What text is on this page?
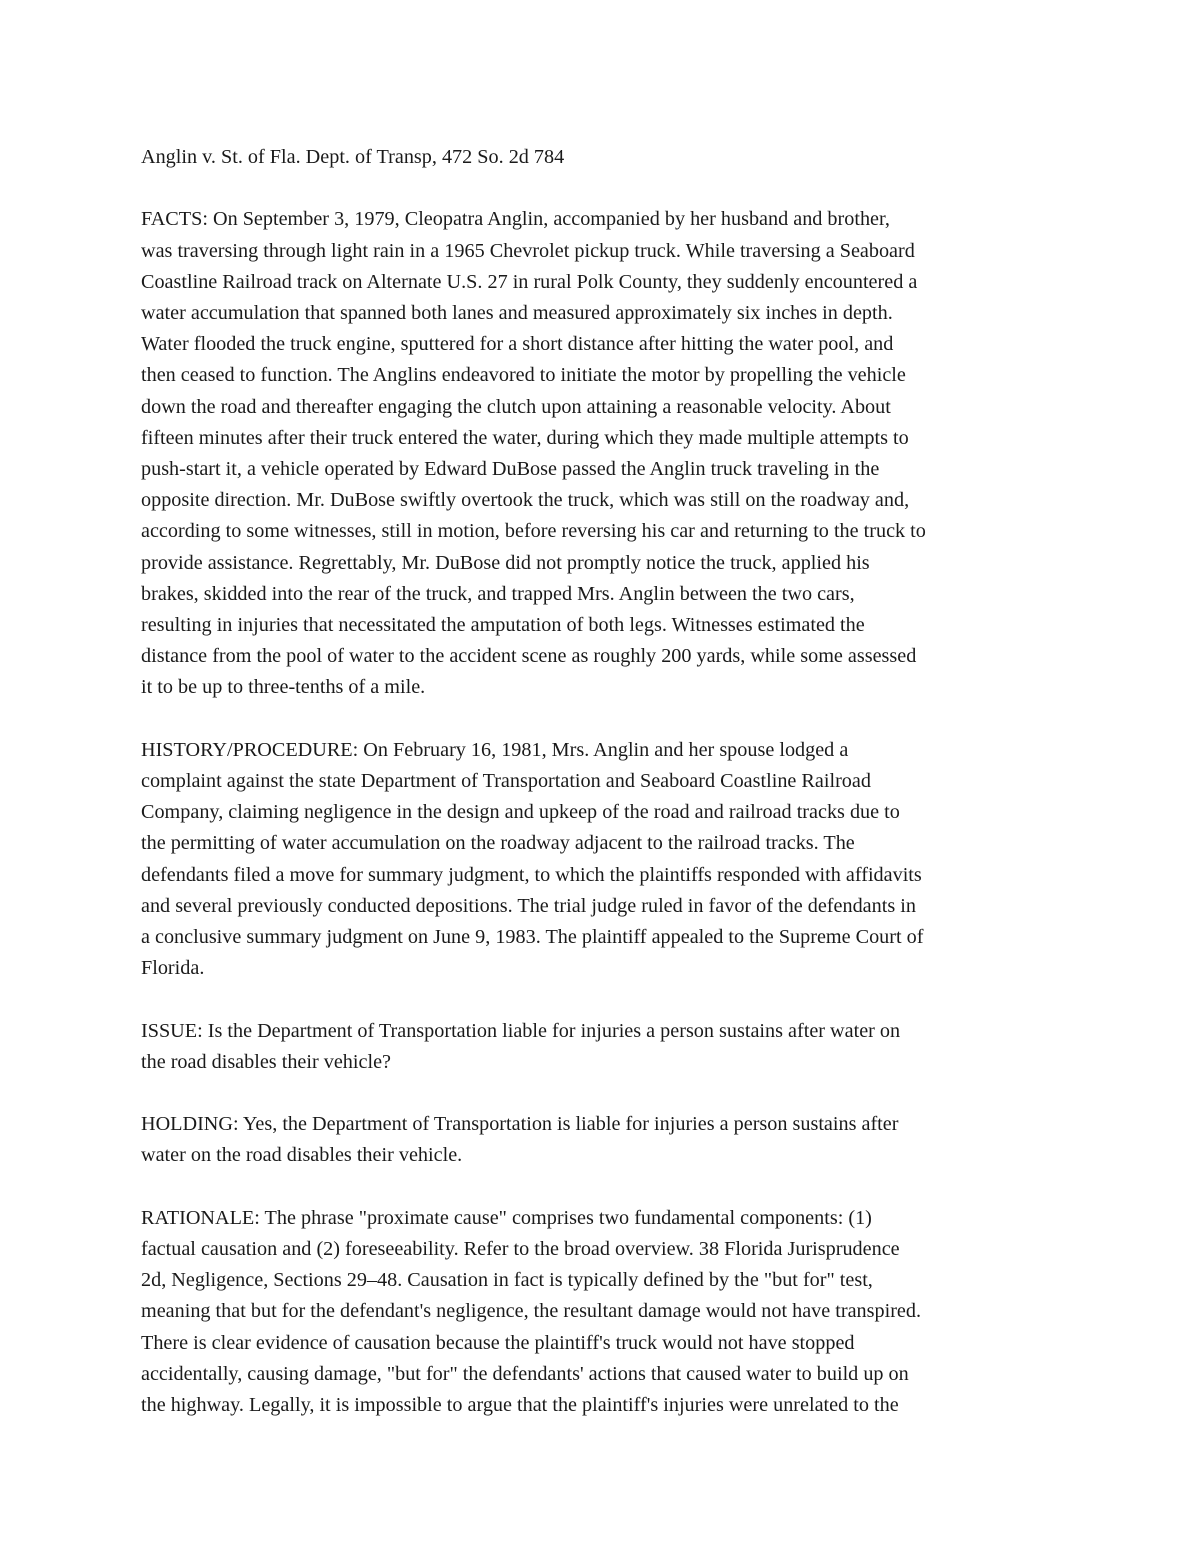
Anglin v. St. of Fla. Dept. of Transp, 472 So. 2d 784

FACTS: On September 3, 1979, Cleopatra Anglin, accompanied by her husband and brother,
was traversing through light rain in a 1965 Chevrolet pickup truck. While traversing a Seaboard
Coastline Railroad track on Alternate U.S. 27 in rural Polk County, they suddenly encountered a
water accumulation that spanned both lanes and measured approximately six inches in depth.
Water flooded the truck engine, sputtered for a short distance after hitting the water pool, and
then ceased to function. The Anglins endeavored to initiate the motor by propelling the vehicle
down the road and thereafter engaging the clutch upon attaining a reasonable velocity. About
fifteen minutes after their truck entered the water, during which they made multiple attempts to
push-start it, a vehicle operated by Edward DuBose passed the Anglin truck traveling in the
opposite direction. Mr. DuBose swiftly overtook the truck, which was still on the roadway and,
according to some witnesses, still in motion, before reversing his car and returning to the truck to
provide assistance. Regrettably, Mr. DuBose did not promptly notice the truck, applied his
brakes, skidded into the rear of the truck, and trapped Mrs. Anglin between the two cars,
resulting in injuries that necessitated the amputation of both legs. Witnesses estimated the
distance from the pool of water to the accident scene as roughly 200 yards, while some assessed
it to be up to three-tenths of a mile.

HISTORY/PROCEDURE: On February 16, 1981, Mrs. Anglin and her spouse lodged a
complaint against the state Department of Transportation and Seaboard Coastline Railroad
Company, claiming negligence in the design and upkeep of the road and railroad tracks due to
the permitting of water accumulation on the roadway adjacent to the railroad tracks. The
defendants filed a move for summary judgment, to which the plaintiffs responded with affidavits
and several previously conducted depositions. The trial judge ruled in favor of the defendants in
a conclusive summary judgment on June 9, 1983. The plaintiff appealed to the Supreme Court of
Florida.

ISSUE: Is the Department of Transportation liable for injuries a person sustains after water on
the road disables their vehicle?

HOLDING: Yes, the Department of Transportation is liable for injuries a person sustains after
water on the road disables their vehicle.

RATIONALE: The phrase "proximate cause" comprises two fundamental components: (1)
factual causation and (2) foreseeability. Refer to the broad overview. 38 Florida Jurisprudence
2d, Negligence, Sections 29–48. Causation in fact is typically defined by the "but for" test,
meaning that but for the defendant's negligence, the resultant damage would not have transpired.
There is clear evidence of causation because the plaintiff's truck would not have stopped
accidentally, causing damage, "but for" the defendants' actions that caused water to build up on
the highway. Legally, it is impossible to argue that the plaintiff's injuries were unrelated to the
